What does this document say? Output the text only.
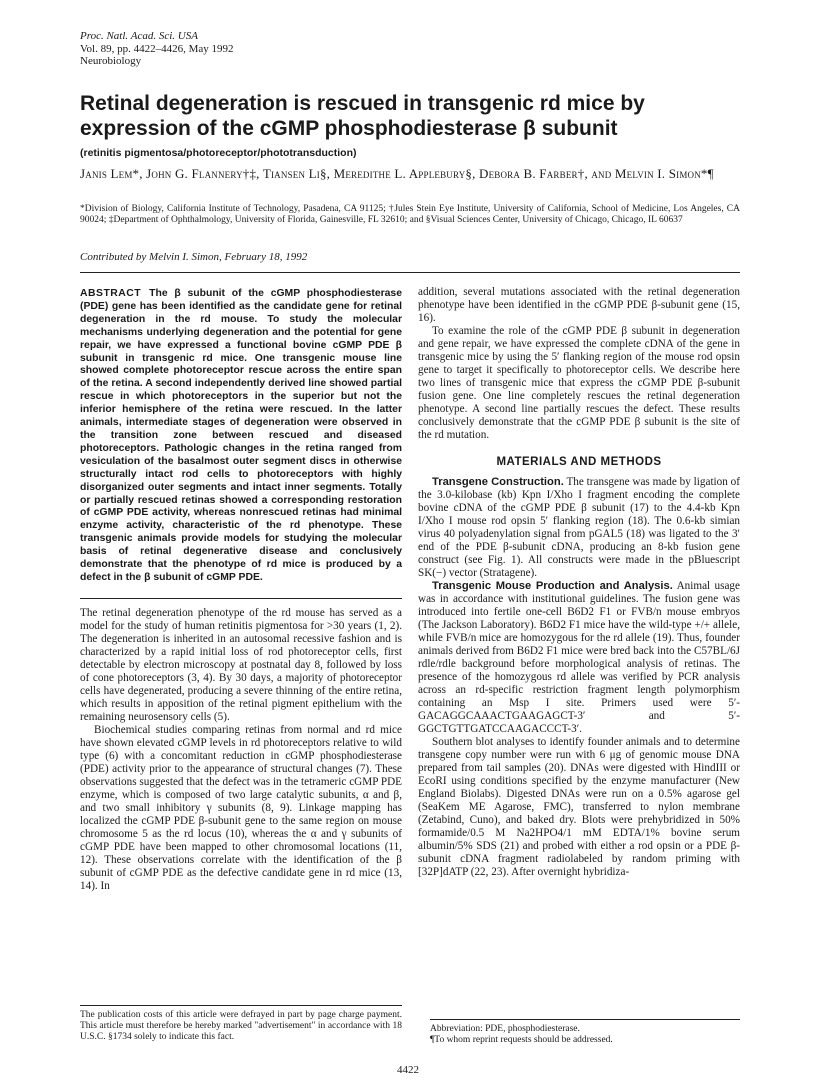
Proc. Natl. Acad. Sci. USA
Vol. 89, pp. 4422–4426, May 1992
Neurobiology
Retinal degeneration is rescued in transgenic rd mice by expression of the cGMP phosphodiesterase β subunit
(retinitis pigmentosa/photoreceptor/phototransduction)
Janis Lem*, John G. Flannery†‡, Tiansen Li§, Meredithe L. Applebury§, Debora B. Farber†, and Melvin I. Simon*¶
*Division of Biology, California Institute of Technology, Pasadena, CA 91125; †Jules Stein Eye Institute, University of California, School of Medicine, Los Angeles, CA 90024; ‡Department of Ophthalmology, University of Florida, Gainesville, FL 32610; and §Visual Sciences Center, University of Chicago, Chicago, IL 60637
Contributed by Melvin I. Simon, February 18, 1992

ABSTRACT The β subunit of the cGMP phosphodiesterase (PDE) gene has been identified as the candidate gene for retinal degeneration in the rd mouse. To study the molecular mechanisms underlying degeneration and the potential for gene repair, we have expressed a functional bovine cGMP PDE β subunit in transgenic rd mice. One transgenic mouse line showed complete photoreceptor rescue across the entire span of the retina. A second independently derived line showed partial rescue in which photoreceptors in the superior but not the inferior hemisphere of the retina were rescued. In the latter animals, intermediate stages of degeneration were observed in the transition zone between rescued and diseased photoreceptors. Pathologic changes in the retina ranged from vesiculation of the basalmost outer segment discs in otherwise structurally intact rod cells to photoreceptors with highly disorganized outer segments and intact inner segments. Totally or partially rescued retinas showed a corresponding restoration of cGMP PDE activity, whereas nonrescued retinas had minimal enzyme activity, characteristic of the rd phenotype. These transgenic animals provide models for studying the molecular basis of retinal degenerative disease and conclusively demonstrate that the phenotype of rd mice is produced by a defect in the β subunit of cGMP PDE.

The retinal degeneration phenotype of the rd mouse has served as a model for the study of human retinitis pigmentosa for >30 years (1, 2). The degeneration is inherited in an autosomal recessive fashion and is characterized by a rapid initial loss of rod photoreceptor cells, first detectable by electron microscopy at postnatal day 8, followed by loss of cone photoreceptors (3, 4). By 30 days, a majority of photoreceptor cells have degenerated, producing a severe thinning of the entire retina, which results in apposition of the retinal pigment epithelium with the remaining neurosensory cells (5).

Biochemical studies comparing retinas from normal and rd mice have shown elevated cGMP levels in rd photoreceptors relative to wild type (6) with a concomitant reduction in cGMP phosphodiesterase (PDE) activity prior to the appearance of structural changes (7). These observations suggested that the defect was in the tetrameric cGMP PDE enzyme, which is composed of two large catalytic subunits, α and β, and two small inhibitory γ subunits (8, 9). Linkage mapping has localized the cGMP PDE β-subunit gene to the same region on mouse chromosome 5 as the rd locus (10), whereas the α and γ subunits of cGMP PDE have been mapped to other chromosomal locations (11, 12). These observations correlate with the identification of the β subunit of cGMP PDE as the defective candidate gene in rd mice (13, 14). In

addition, several mutations associated with the retinal degeneration phenotype have been identified in the cGMP PDE β-subunit gene (15, 16).

To examine the role of the cGMP PDE β subunit in degeneration and gene repair, we have expressed the complete cDNA of the gene in transgenic mice by using the 5′ flanking region of the mouse rod opsin gene to target it specifically to photoreceptor cells. We describe here two lines of transgenic mice that express the cGMP PDE β-subunit fusion gene. One line completely rescues the retinal degeneration phenotype. A second line partially rescues the defect. These results conclusively demonstrate that the cGMP PDE β subunit is the site of the rd mutation.

MATERIALS AND METHODS

Transgene Construction. The transgene was made by ligation of the 3.0-kilobase (kb) Kpn I/Xho I fragment encoding the complete bovine cDNA of the cGMP PDE β subunit (17) to the 4.4-kb Kpn I/Xho I mouse rod opsin 5′ flanking region (18). The 0.6-kb simian virus 40 polyadenylation signal from pGAL5 (18) was ligated to the 3′ end of the PDE β-subunit cDNA, producing an 8-kb fusion gene construct (see Fig. 1). All constructs were made in the pBluescript SK(−) vector (Stratagene).

Transgenic Mouse Production and Analysis. Animal usage was in accordance with institutional guidelines. The fusion gene was introduced into fertile one-cell B6D2 F1 or FVB/n mouse embryos (The Jackson Laboratory). B6D2 F1 mice have the wild-type +/+ allele, while FVB/n mice are homozygous for the rd allele (19). Thus, founder animals derived from B6D2 F1 mice were bred back into the C57BL/6J rdle/rdle background before morphological analysis of retinas. The presence of the homozygous rd allele was verified by PCR analysis across an rd-specific restriction fragment length polymorphism containing an Msp I site. Primers used were 5′-GACAGGCAAACTGAAGAGCT-3′ and 5′-GGCTGTTGATCCAAGACCCT-3′.

Southern blot analyses to identify founder animals and to determine transgene copy number were run with 6 μg of genomic mouse DNA prepared from tail samples (20). DNAs were digested with HindIII or EcoRI using conditions specified by the enzyme manufacturer (New England Biolabs). Digested DNAs were run on a 0.5% agarose gel (SeaKem ME Agarose, FMC), transferred to nylon membrane (Zetabind, Cuno), and baked dry. Blots were prehybridized in 50% formamide/0.5 M Na2HPO4/1 mM EDTA/1% bovine serum albumin/5% SDS (21) and probed with either a rod opsin or a PDE β-subunit cDNA fragment radiolabeled by random priming with [32P]dATP (22, 23). After overnight hybridiza-

The publication costs of this article were defrayed in part by page charge payment. This article must therefore be hereby marked "advertisement" in accordance with 18 U.S.C. §1734 solely to indicate this fact.
Abbreviation: PDE, phosphodiesterase.
¶To whom reprint requests should be addressed.
4422
